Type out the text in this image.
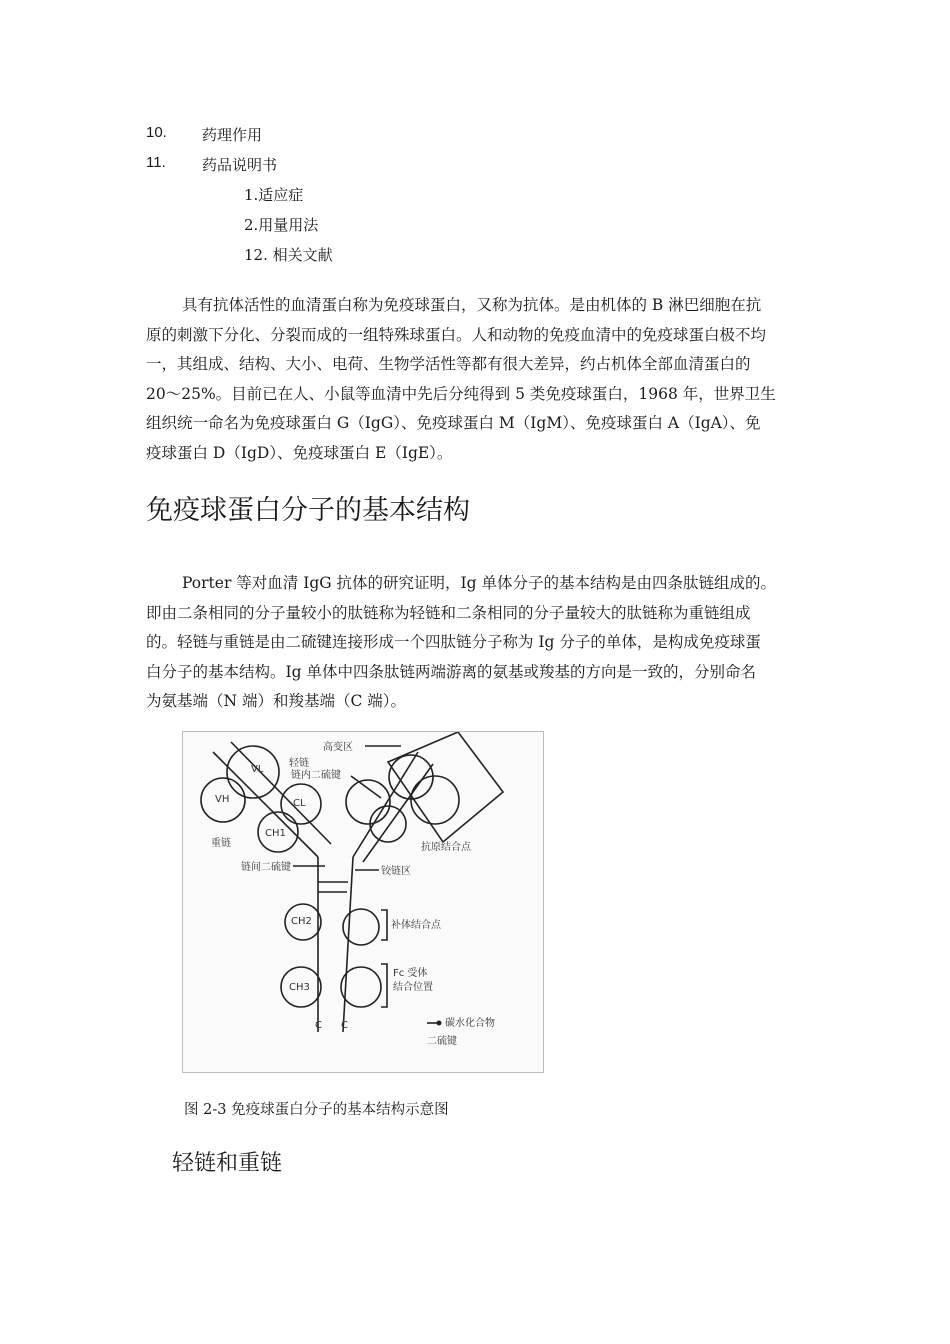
10. 药理作用
11. 药品说明书
1.适应症
2.用量用法
12. 相关文献
具有抗体活性的血清蛋白称为免疫球蛋白，又称为抗体。是由机体的 B 淋巴细胞在抗
原的刺激下分化、分裂而成的一组特殊球蛋白。人和动物的免疫血清中的免疫球蛋白极不均
一，其组成、结构、大小、电荷、生物学活性等都有很大差异，约占机体全部血清蛋白的
20～25%。目前已在人、小鼠等血清中先后分纯得到 5 类免疫球蛋白，1968 年，世界卫生
组织统一命名为免疫球蛋白 G（IgG）、免疫球蛋白 M（IgM）、免疫球蛋白 A（IgA）、免
疫球蛋白 D（IgD）、免疫球蛋白 E（IgE）。
免疫球蛋白分子的基本结构
Porter 等对血清 IgG 抗体的研究证明，Ig 单体分子的基本结构是由四条肽链组成的。
即由二条相同的分子量较小的肽链称为轻链和二条相同的分子量较大的肽链称为重链组成
的。轻链与重链是由二硫键连接形成一个四肽链分子称为 Ig 分子的单体，是构成免疫球蛋
白分子的基本结构。Ig 单体中四条肽链两端游离的氨基或羧基的方向是一致的，分别命名
为氨基端（N 端）和羧基端（C 端）。
高变区
轻链
链内二硫键
重链
链间二硫键	铰链区
抗原结合点
补体结合点
Fc 受体
结合位置
碳水化合物
二硫键
VL
VH	CL
CH1
CH2
CH3
C C
图 2-3 免疫球蛋白分子的基本结构示意图
轻链和重链
